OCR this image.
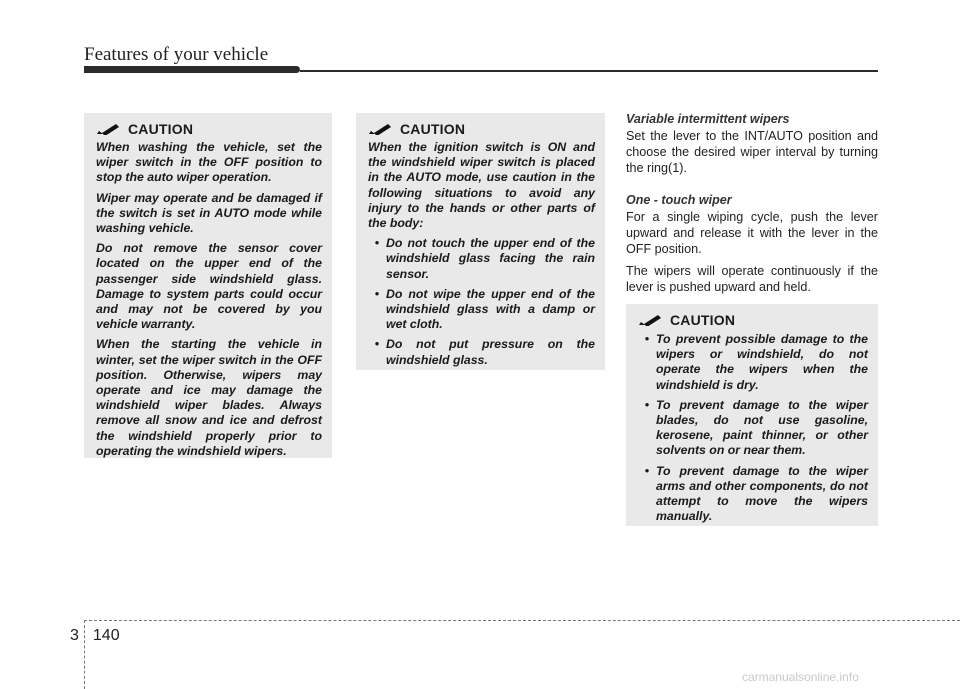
Features of your vehicle
CAUTION

When washing the vehicle, set the wiper switch in the OFF position to stop the auto wiper operation.

Wiper may operate and be damaged if the switch is set in AUTO mode while washing vehicle.

Do not remove the sensor cover located on the upper end of the passenger side windshield glass. Damage to system parts could occur and may not be covered by you vehicle warranty.

When the starting the vehicle in winter, set the wiper switch in the OFF position. Otherwise, wipers may operate and ice may damage the windshield wiper blades. Always remove all snow and ice and defrost the windshield properly prior to operating the windshield wipers.

CAUTION

When the ignition switch is ON and the windshield wiper switch is placed in the AUTO mode, use caution in the following situations to avoid any injury to the hands or other parts of the body:

• Do not touch the upper end of the windshield glass facing the rain sensor.
• Do not wipe the upper end of the windshield glass with a damp or wet cloth.
• Do not put pressure on the windshield glass.
Variable intermittent wipers

Set the lever to the INT/AUTO position and choose the desired wiper interval by turning the ring(1).

One - touch wiper

For a single wiping cycle, push the lever upward and release it with the lever in the OFF position.

The wipers will operate continuously if the lever is pushed upward and held.

CAUTION
• To prevent possible damage to the wipers or windshield, do not operate the wipers when the windshield is dry.
• To prevent damage to the wiper blades, do not use gasoline, kerosene, paint thinner, or other solvents on or near them.
• To prevent damage to the wiper arms and other components, do not attempt to move the wipers manually.
3 140
carmanualsonline.info
